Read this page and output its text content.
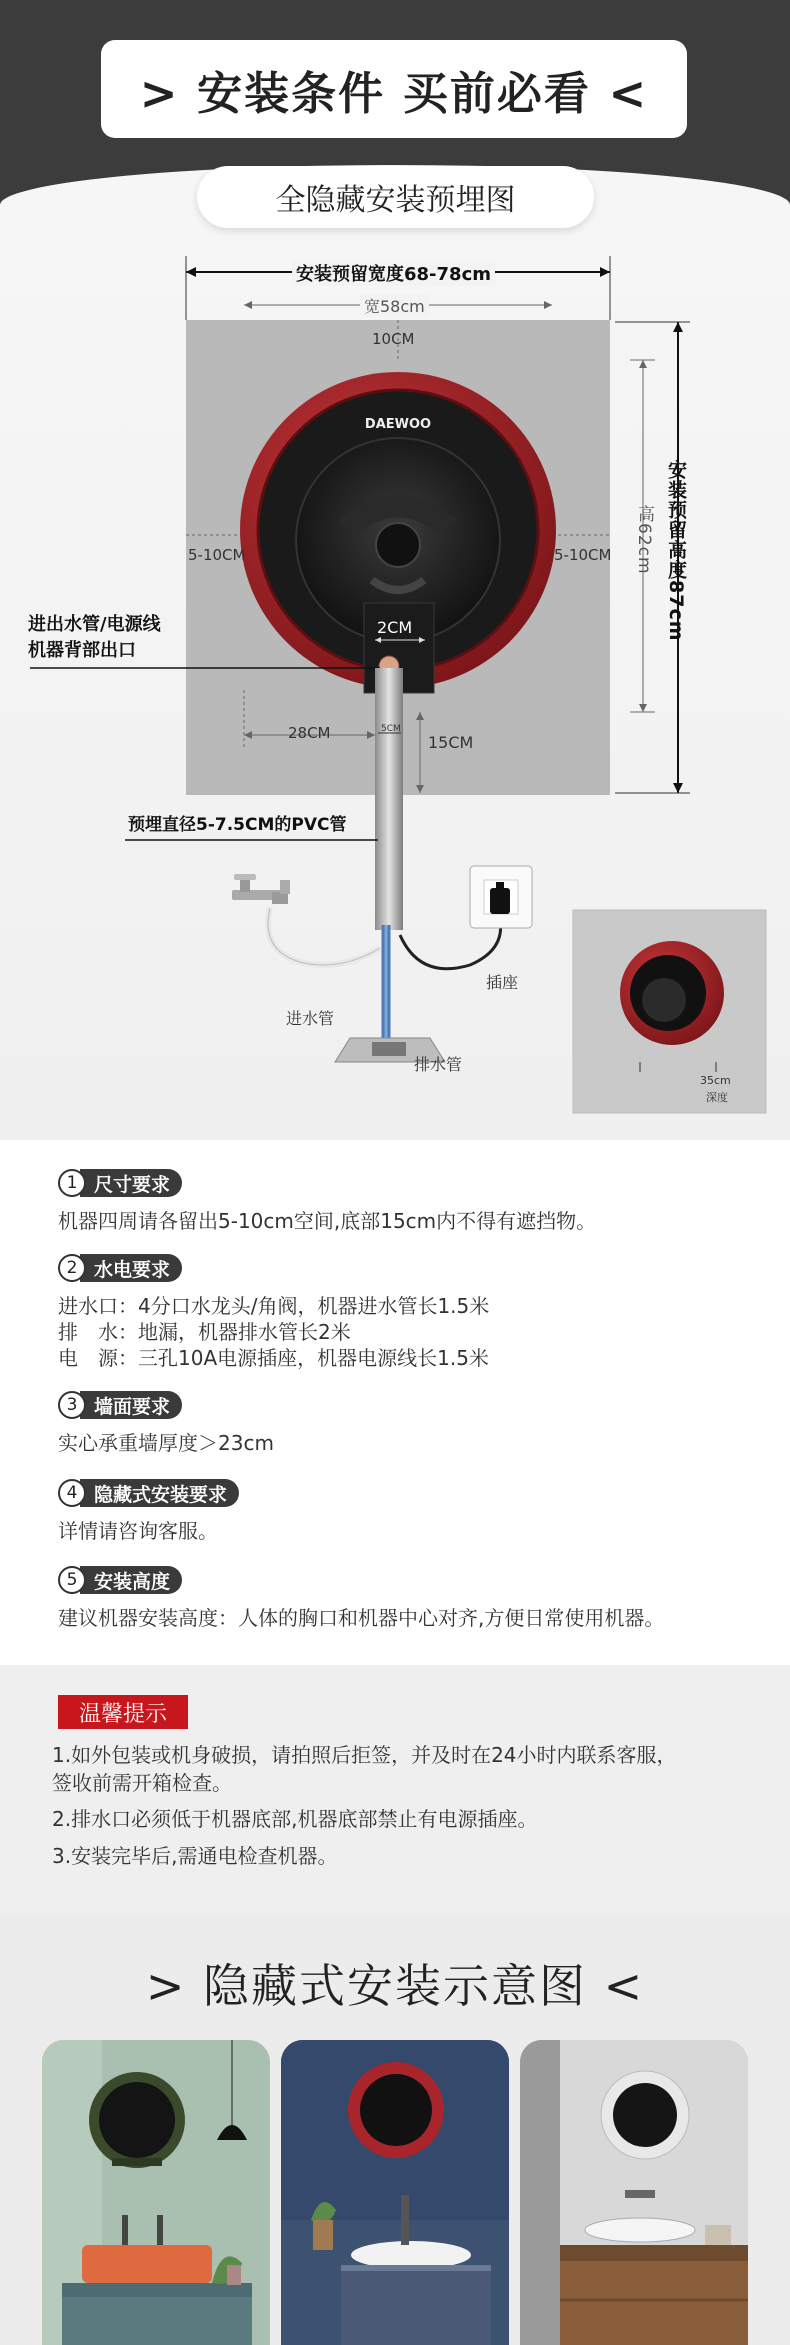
> 安装条件 买前必看 <
全隐藏安装预埋图
DAEWOO
安装预留宽度68-78cm
宽58cm
10CM
5-10CM	5-10CM	安装预留高度87cm
高62cm
进出水管/电源线
机器背部出口
2CM
28CM	5CM
15CM
预埋直径5-7.5CM的PVC管
插座
进水管
排水管
35cm
深度
1 尺寸要求
机器四周请各留出5-10cm空间,底部15cm内不得有遮挡物。
2 水电要求
进水口：4分口水龙头/角阀，机器进水管长1.5米
排　水：地漏，机器排水管长2米
电　源：三孔10A电源插座，机器电源线长1.5米
3 墙面要求
实心承重墙厚度＞23cm
4 隐藏式安装要求
详情请咨询客服。
5 安装高度
建议机器安装高度：人体的胸口和机器中心对齐,方便日常使用机器。
温馨提示
1.如外包装或机身破损，请拍照后拒签，并及时在24小时内联系客服，
签收前需开箱检查。
2.排水口必须低于机器底部,机器底部禁止有电源插座。
3.安装完毕后,需通电检查机器。
> 隐藏式安装示意图 <
